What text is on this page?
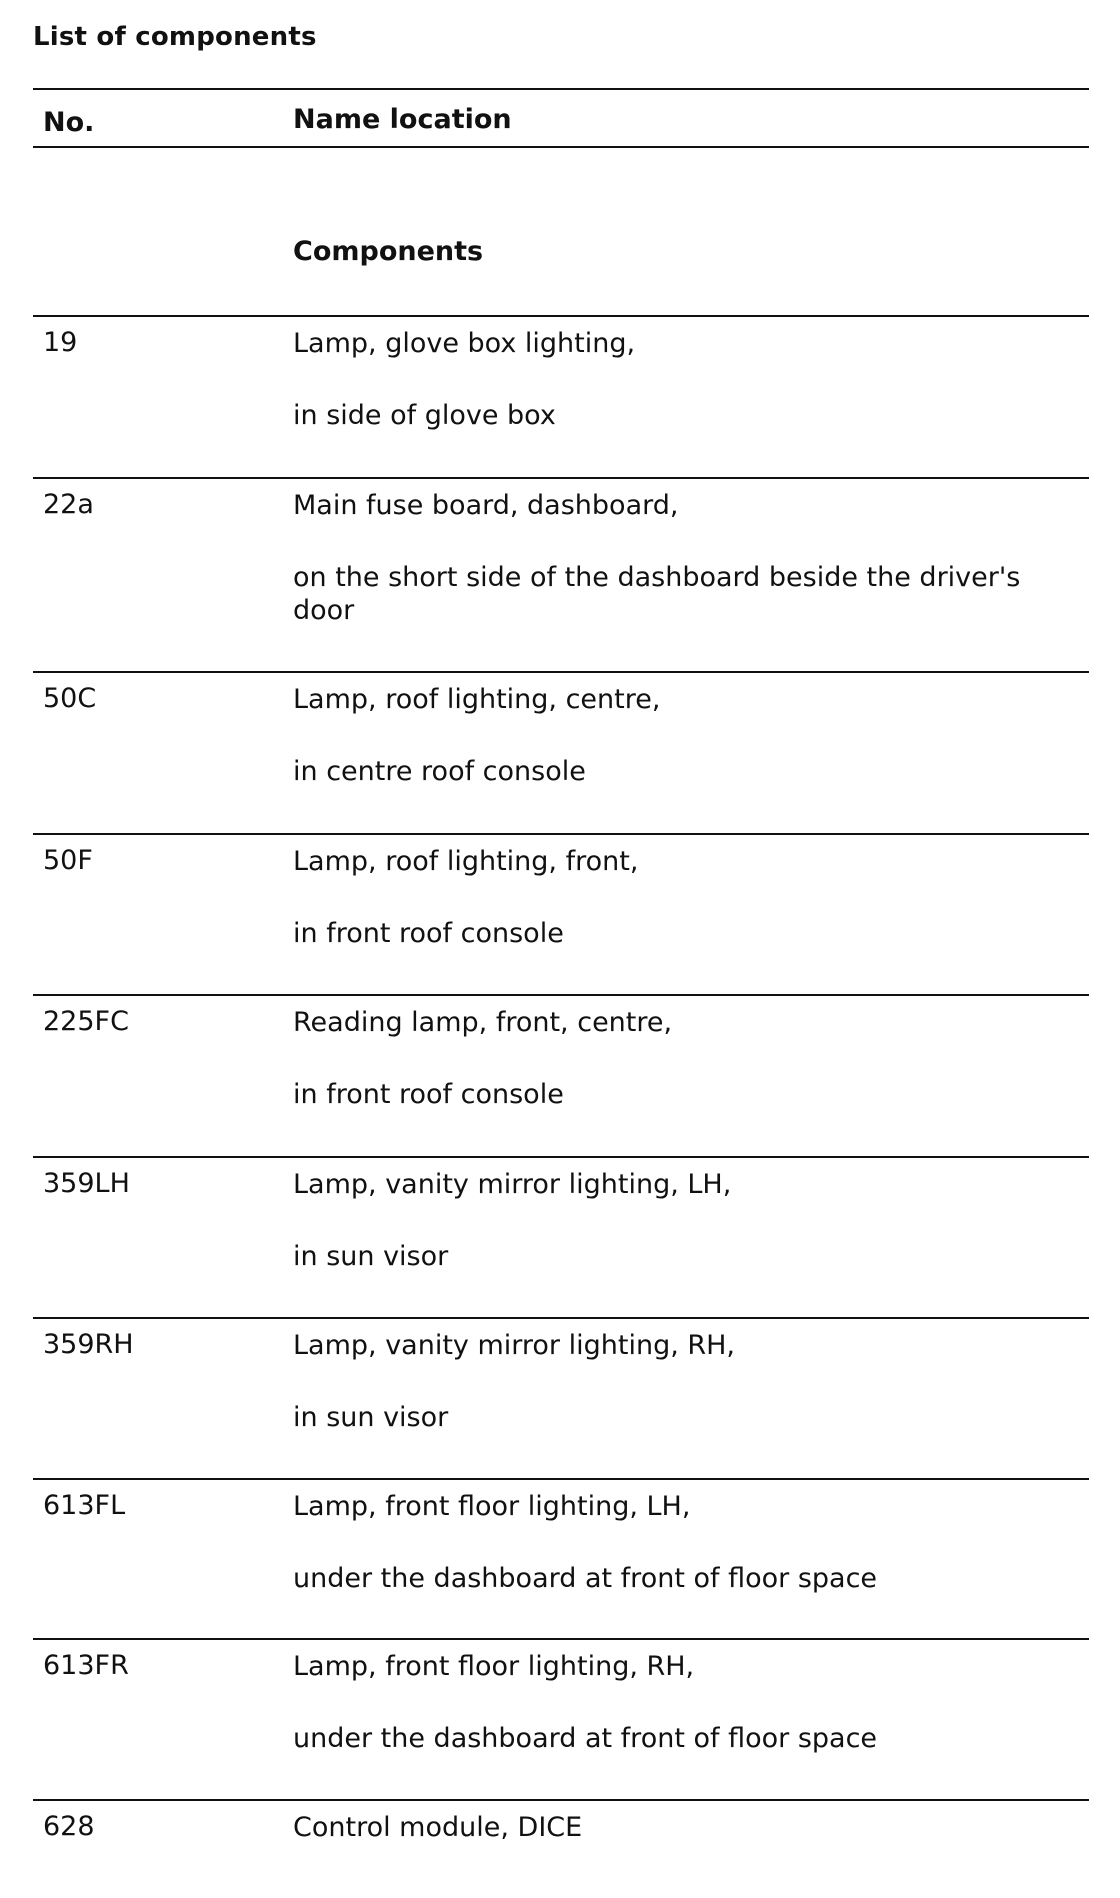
List of components
No.	Name location
Components
19	Lamp, glove box lighting,
in side of glove box
22a	Main fuse board, dashboard,
on the short side of the dashboard beside the driver's door
50C	Lamp, roof lighting, centre,
in centre roof console
50F	Lamp, roof lighting, front,
in front roof console
225FC	Reading lamp, front, centre,
in front roof console
359LH	Lamp, vanity mirror lighting, LH,
in sun visor
359RH	Lamp, vanity mirror lighting, RH,
in sun visor
613FL	Lamp, front floor lighting, LH,
under the dashboard at front of floor space
613FR	Lamp, front floor lighting, RH,
under the dashboard at front of floor space
628	Control module, DICE
